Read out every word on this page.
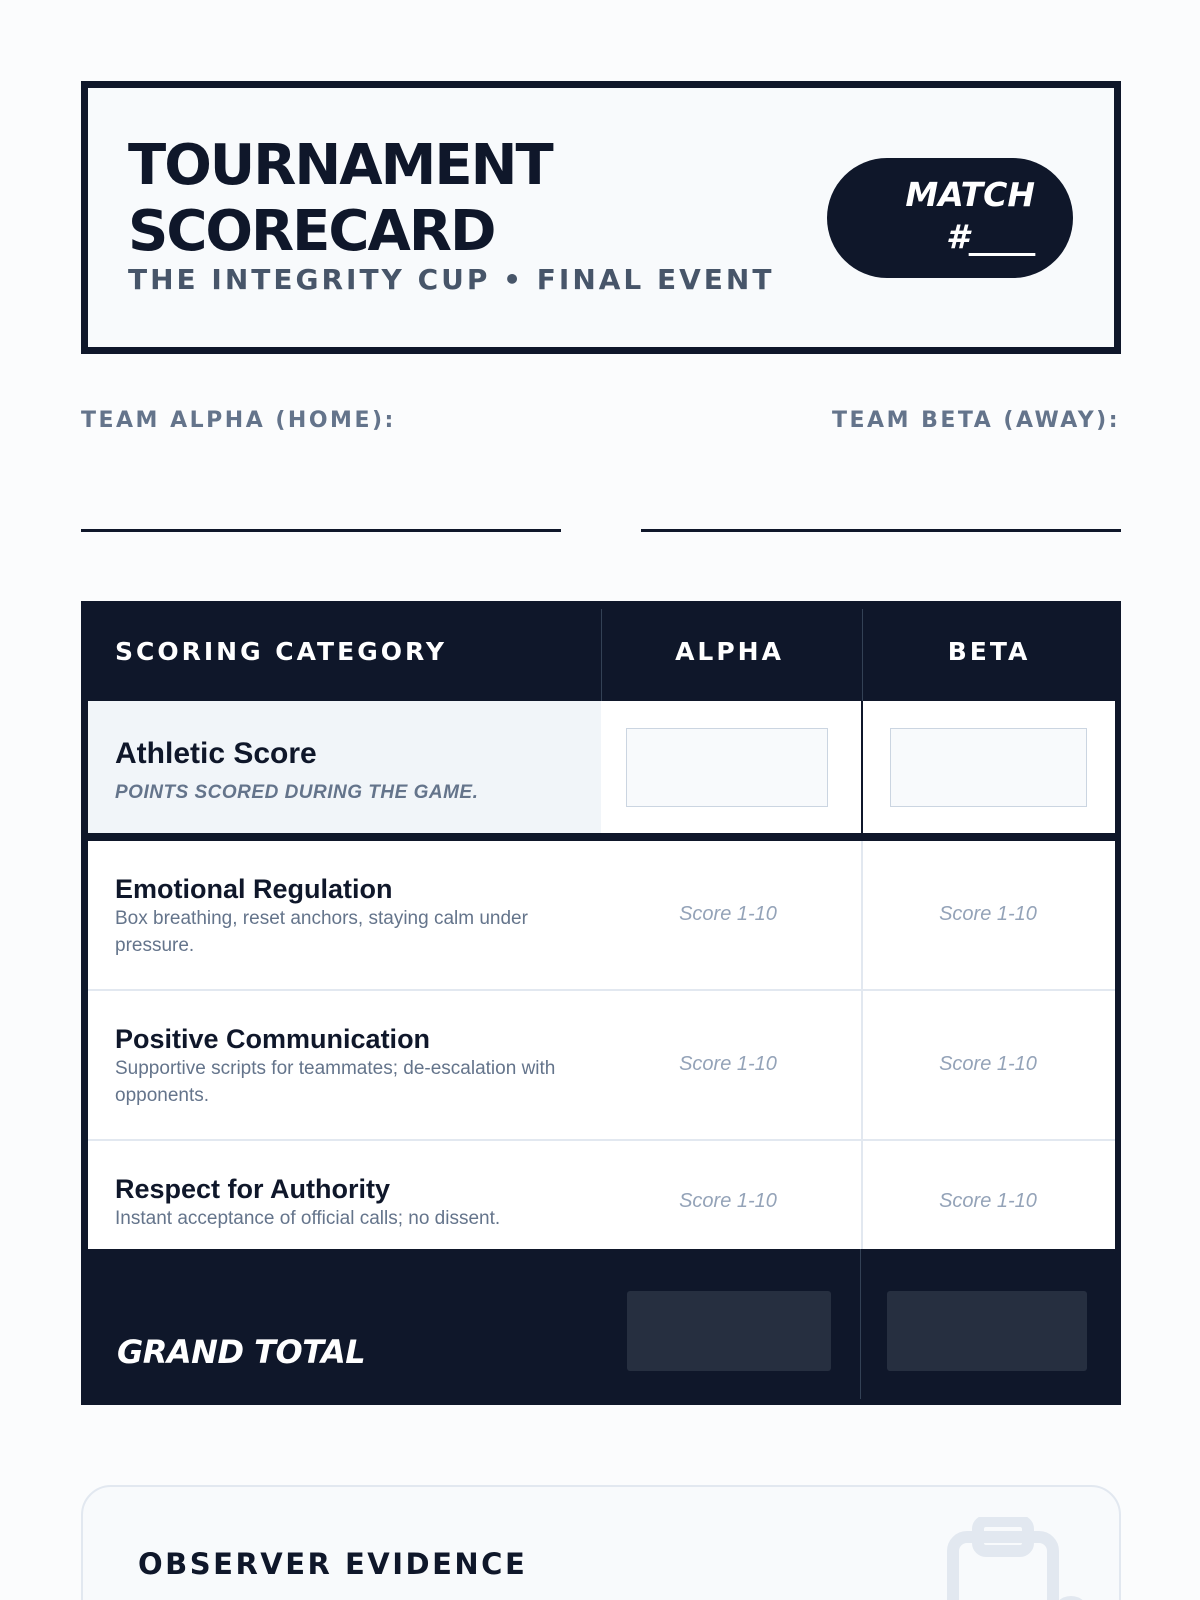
TOURNAMENT SCORECARD
THE INTEGRITY CUP • FINAL EVENT
MATCH #____
TEAM ALPHA (HOME):	TEAM BETA (AWAY):
SCORING CATEGORY	ALPHA	BETA
Athletic Score
POINTS SCORED DURING THE GAME.
Emotional Regulation
Box breathing, reset anchors, staying calm under pressure.
Score 1-10	Score 1-10
Positive Communication
Supportive scripts for teammates; de-escalation with opponents.
Score 1-10	Score 1-10
Respect for Authority
Instant acceptance of official calls; no dissent.
Score 1-10	Score 1-10
GRAND TOTAL
OBSERVER EVIDENCE
